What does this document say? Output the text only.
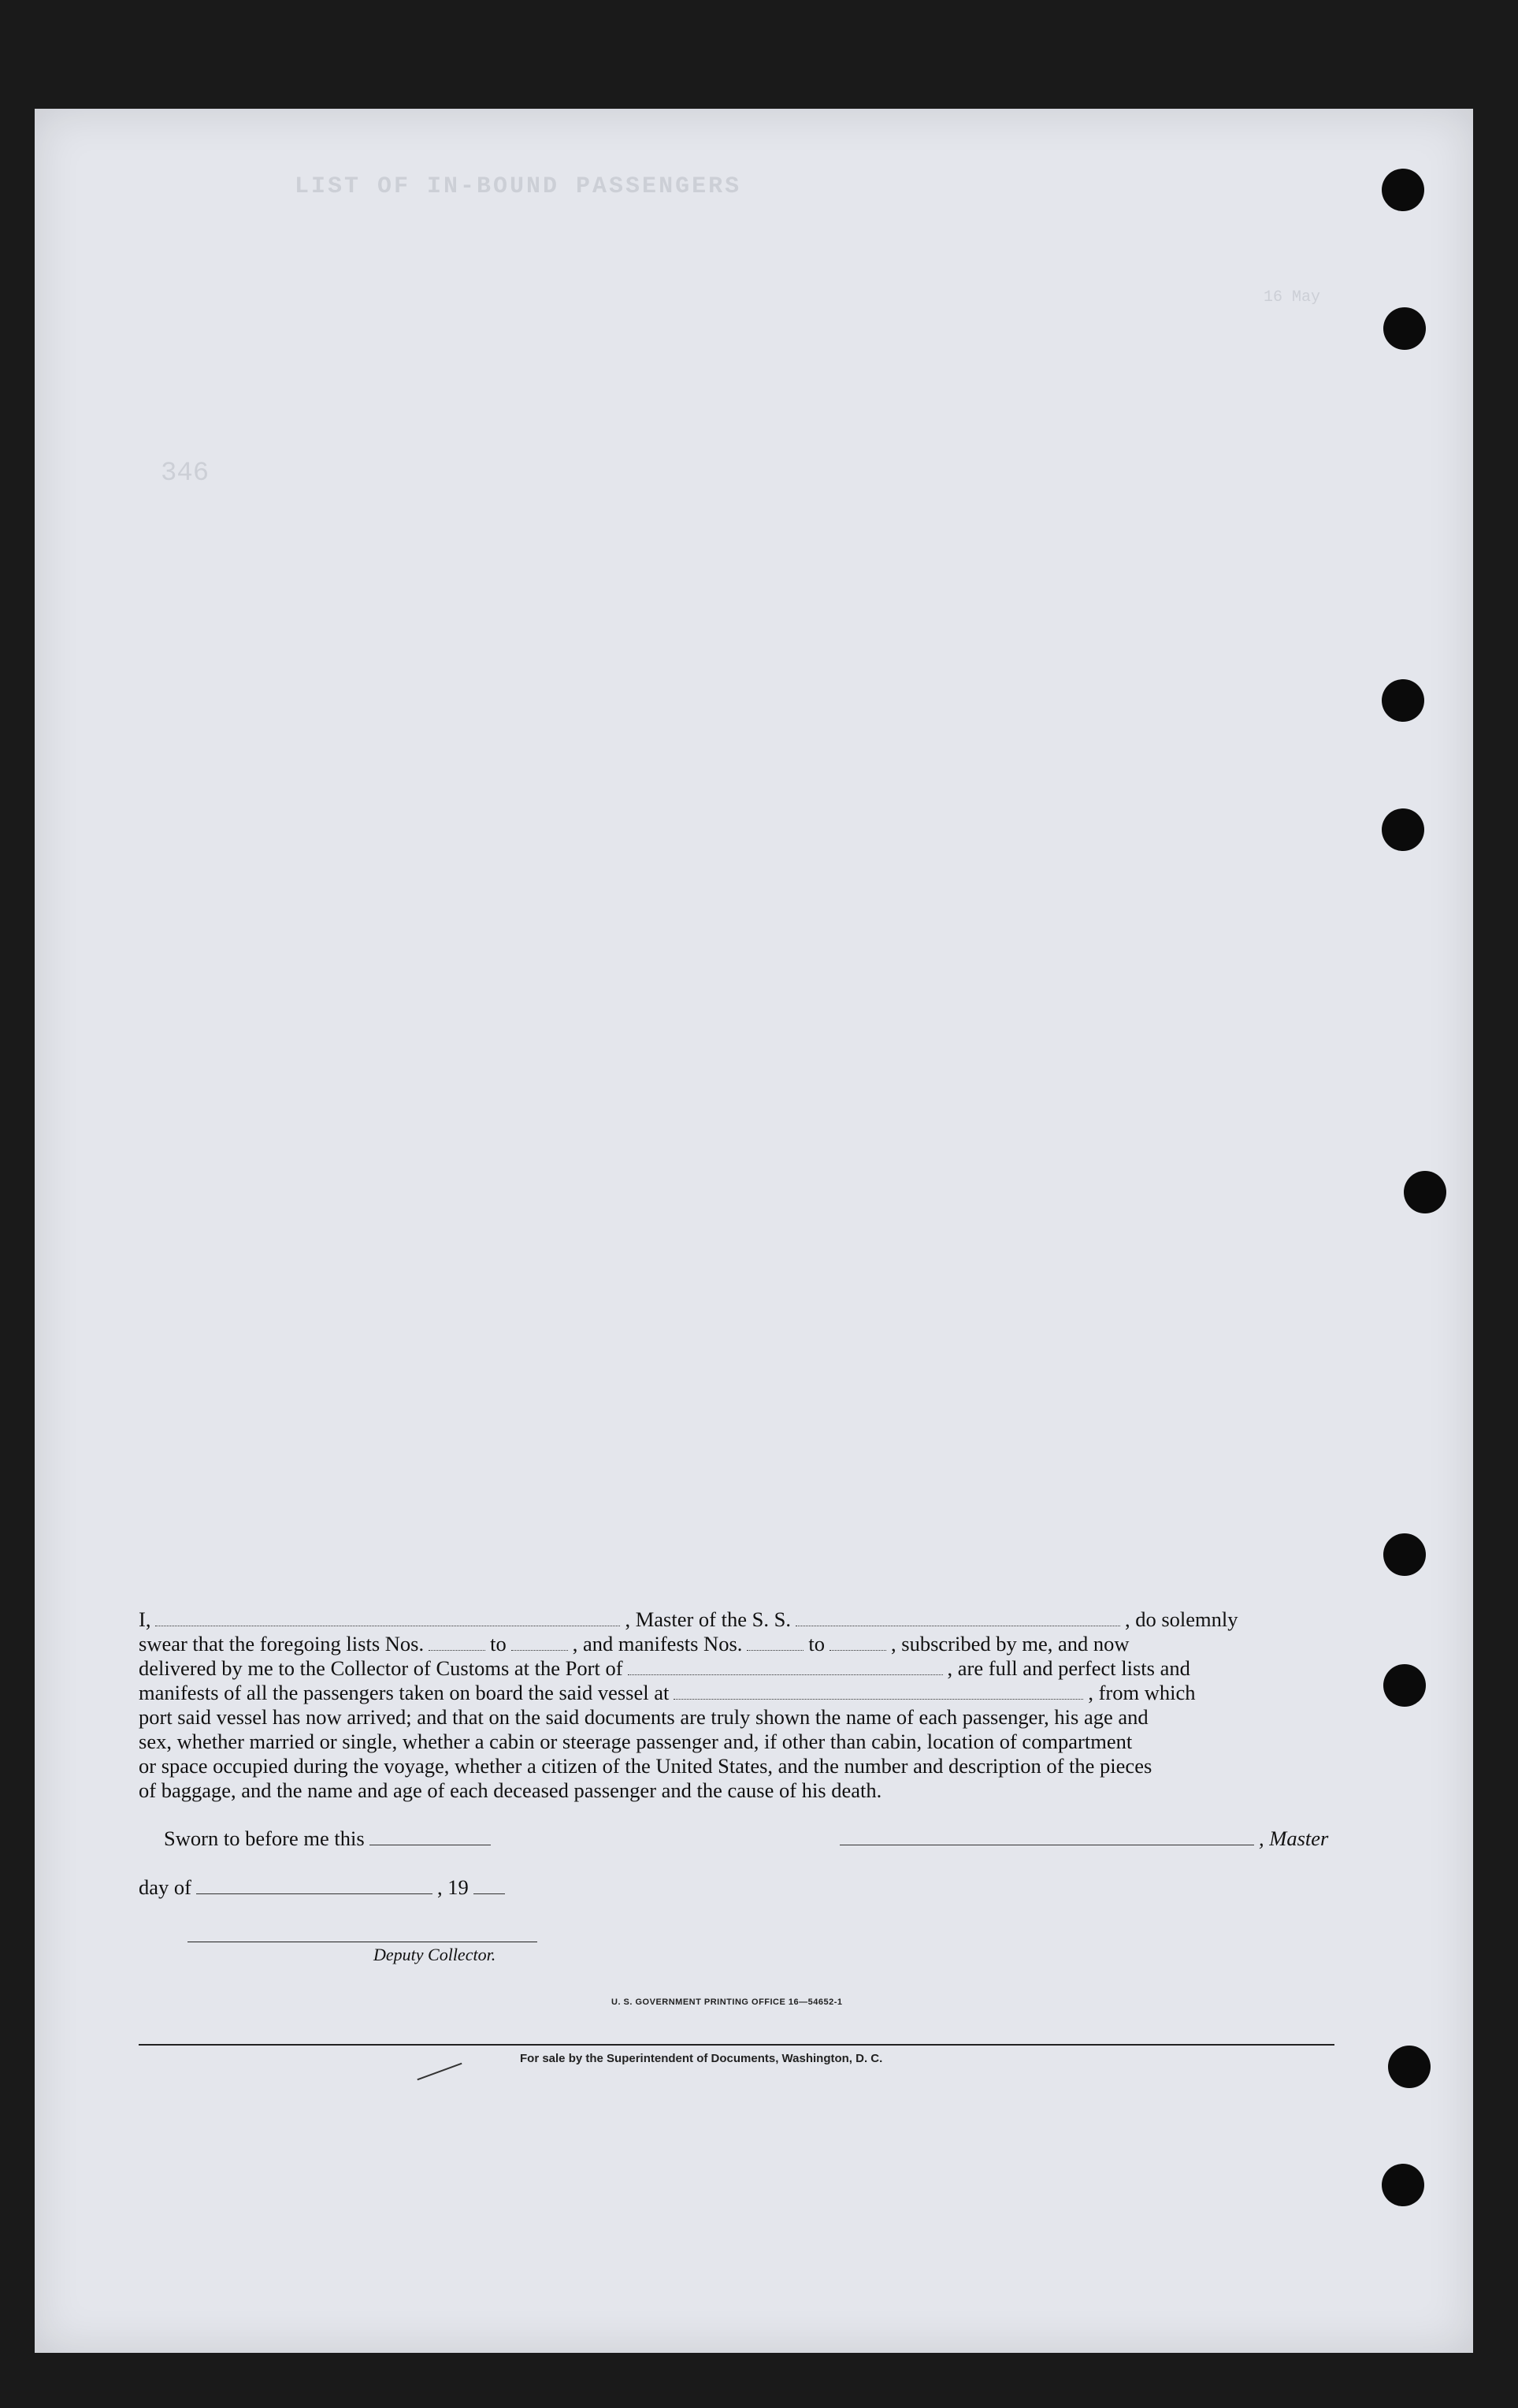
LIST OF IN-BOUND PASSENGERS
346
16 May
I,	, Master of the S. S.	, do solemnly
swear that the foregoing lists Nos.	to	, and manifests Nos.	to	, subscribed by me, and now
delivered by me to the Collector of Customs at the Port of	, are full and perfect lists and
manifests of all the passengers taken on board the said vessel at	, from which
port said vessel has now arrived; and that on the said documents are truly shown the name of each passenger, his age and
sex, whether married or single, whether a cabin or steerage passenger and, if other than cabin, location of compartment
or space occupied during the voyage, whether a citizen of the United States, and the number and description of the pieces
of baggage, and the name and age of each deceased passenger and the cause of his death.
Sworn to before me this	, Master
day of	, 19
Deputy Collector.
U. S. GOVERNMENT PRINTING OFFICE 16—54652-1
For sale by the Superintendent of Documents, Washington, D. C.
